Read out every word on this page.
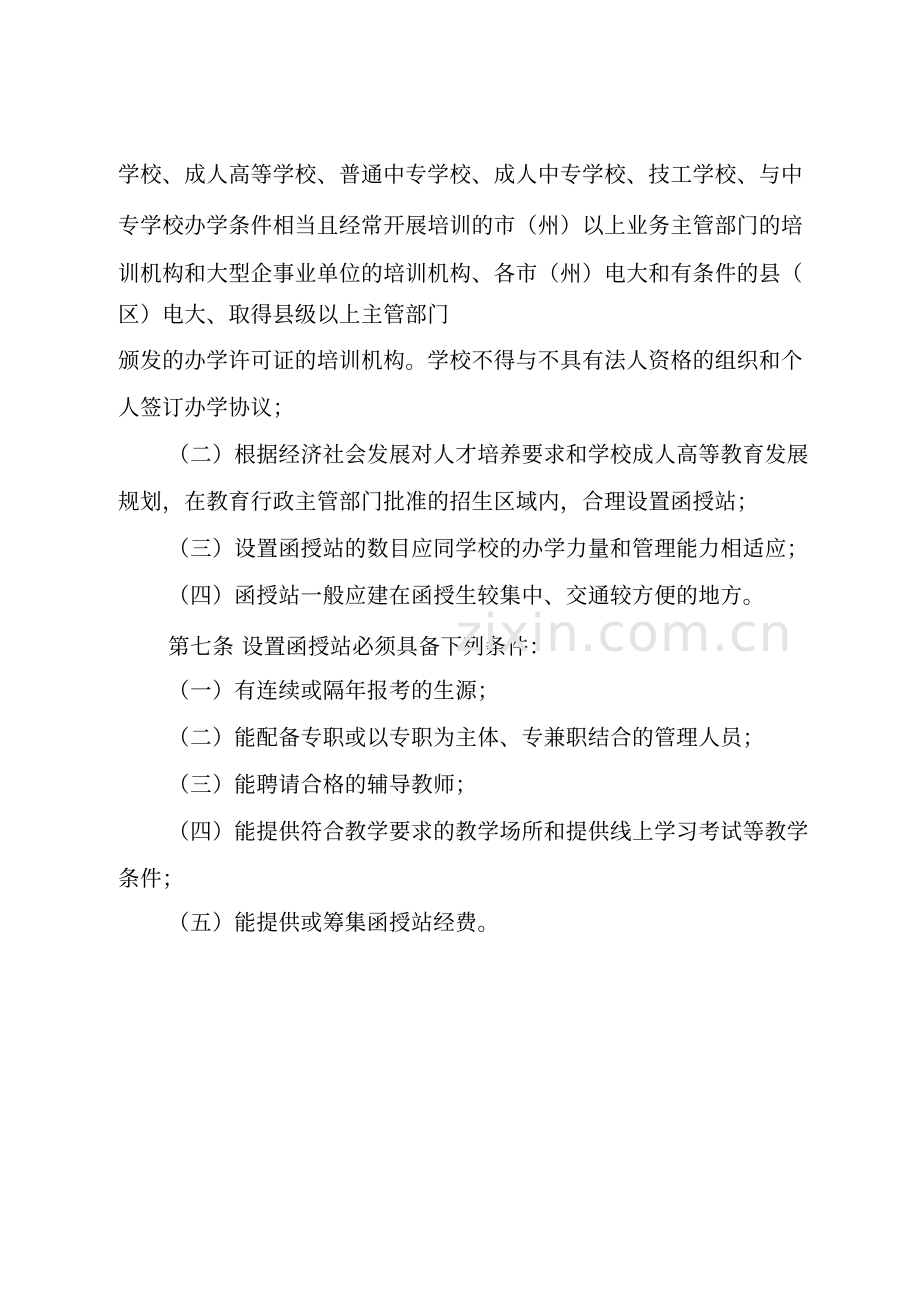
学校、成人高等学校、普通中专学校、成人中专学校、技工学校、与中
专学校办学条件相当且经常开展培训的市（州）以上业务主管部门的培
训机构和大型企事业单位的培训机构、各市（州）电大和有条件的县（
区）电大、取得县级以上主管部门
颁发的办学许可证的培训机构。学校不得与不具有法人资格的组织和个
人签订办学协议；
（二）根据经济社会发展对人才培养要求和学校成人高等教育发展
规划，在教育行政主管部门批准的招生区域内，合理设置函授站；
（三）设置函授站的数目应同学校的办学力量和管理能力相适应；
（四）函授站一般应建在函授生较集中、交通较方便的地方。
第七条 设置函授站必须具备下列条件：
（一）有连续或隔年报考的生源；
（二）能配备专职或以专职为主体、专兼职结合的管理人员；
（三）能聘请合格的辅导教师；
（四）能提供符合教学要求的教学场所和提供线上学习考试等教学
条件；
（五）能提供或筹集函授站经费。
zixin.com.cn
